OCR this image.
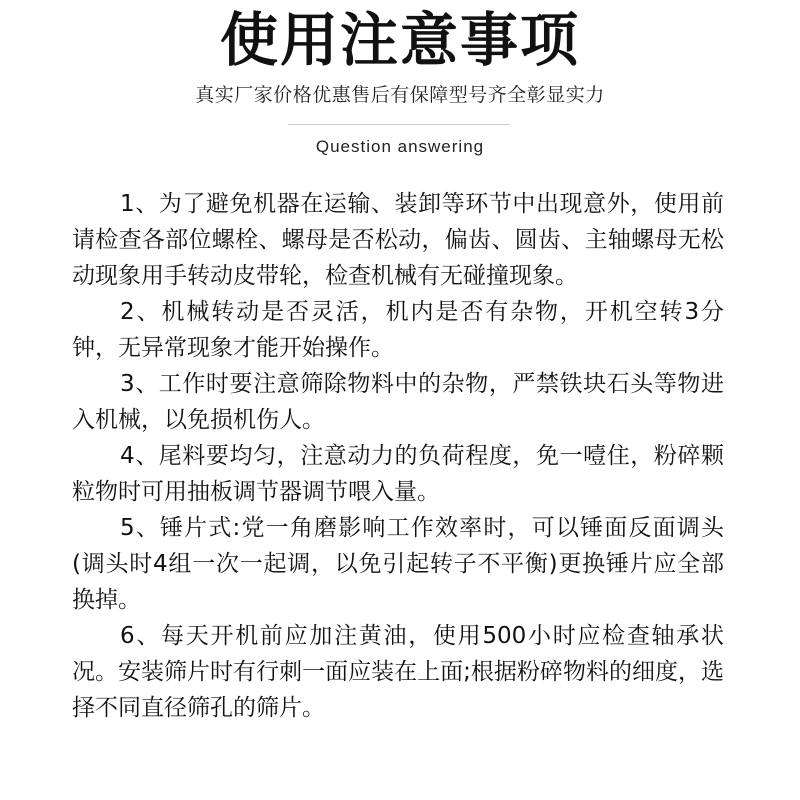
使用注意事项
真实厂家价格优惠售后有保障型号齐全彰显实力
Question answering

1、为了避免机器在运输、装卸等环节中出现意外，使用前请检查各部位螺栓、螺母是否松动，偏齿、圆齿、主轴螺母无松动现象用手转动皮带轮，检查机械有无碰撞现象。

2、机械转动是否灵活，机内是否有杂物，开机空转3分钟，无异常现象才能开始操作。

3、工作时要注意筛除物料中的杂物，严禁铁块石头等物进入机械，以免损机伤人。

4、尾料要均匀，注意动力的负荷程度，免一噎住，粉碎颗粒物时可用抽板调节器调节喂入量。

5、锤片式:党一角磨影响工作效率时，可以锤面反面调头(调头时4组一次一起调，以免引起转子不平衡)更换锤片应全部换掉。

6、每天开机前应加注黄油，使用500小时应检查轴承状况。安装筛片时有行刺一面应装在上面;根据粉碎物料的细度，选择不同直径筛孔的筛片。
